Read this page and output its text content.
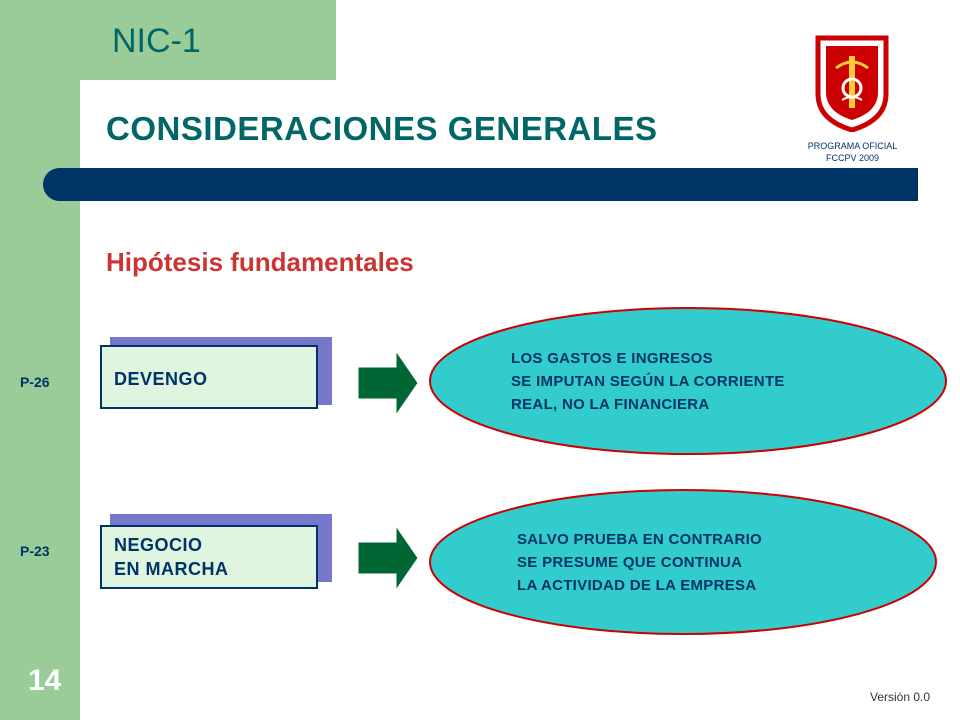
NIC-1
CONSIDERACIONES GENERALES	PROGRAMA OFICIAL
FCCPV 2009
Hipótesis fundamentales
P-26	DEVENGO
LOS GASTOS E INGRESOS
SE IMPUTAN SEGÚN LA CORRIENTE
REAL, NO LA FINANCIERA
P-23	NEGOCIO
EN MARCHA
SALVO PRUEBA EN CONTRARIO
SE PRESUME QUE CONTINUA
LA ACTIVIDAD DE LA EMPRESA
14	Versión 0.0
